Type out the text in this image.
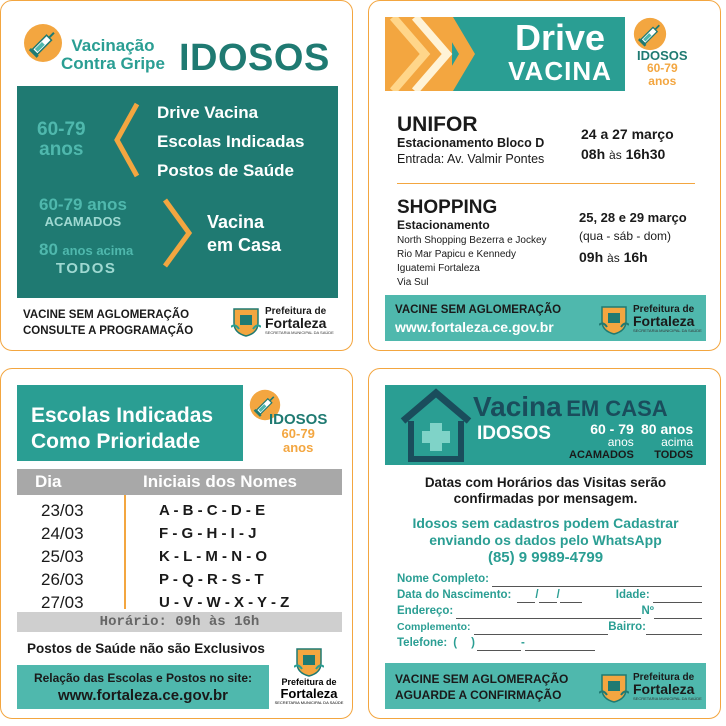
Vacinação
Contra Gripe IDOSOS
60-79
anos
Drive Vacina
Escolas Indicadas
Postos de Saúde
60-79 anos
ACAMADOS
80 anos acima
TODOS
Vacina
em Casa
VACINE SEM AGLOMERAÇÃO
CONSULTE A PROGRAMAÇÃO
Prefeitura de
Fortaleza
SECRETARIA MUNICIPAL DA SAÚDE
Drive
VACINA
IDOSOS
60-79
anos
UNIFOR
Estacionamento Bloco D
Entrada: Av. Valmir Pontes
24 a 27 março
08h às 16h30
SHOPPING
Estacionamento
North Shopping Bezerra e Jockey
Rio Mar Papicu e Kennedy
Iguatemi Fortaleza
Via Sul
25, 28 e 29 março
(qua - sáb - dom)
09h às 16h
VACINE SEM AGLOMERAÇÃO
www.fortaleza.ce.gov.br
Prefeitura de
Fortaleza
SECRETARIA MUNICIPAL DA SAÚDE
Escolas Indicadas
Como Prioridade
IDOSOS
60-79
anos
Dia	Iniciais dos Nomes
23/03	A - B - C - D - E
24/03	F - G - H - I - J
25/03	K - L - M - N - O
26/03	P - Q - R - S - T
27/03	U - V - W - X - Y - Z
Horário: 09h às 16h
Postos de Saúde não são Exclusivos
Relação das Escolas e Postos no site:
www.fortaleza.ce.gov.br
Prefeitura de
Fortaleza
SECRETARIA MUNICIPAL DA SAÚDE
Vacina EM CASA
IDOSOS	60 - 79
anos
ACAMADOS
80 anos
acima
TODOS
Datas com Horários das Visitas serão
confirmadas por mensagem.
Idosos sem cadastros podem Cadastrar
enviando os dados pelo WhatsApp
(85) 9 9989-4799
Nome Completo:
Data do Nascimento: / /	Idade:
Endereço:	Nº
Complemento:	Bairro:
Telefone: ( )	-
VACINE SEM AGLOMERAÇÃO
AGUARDE A CONFIRMAÇÃO
Prefeitura de
Fortaleza
SECRETARIA MUNICIPAL DA SAÚDE
